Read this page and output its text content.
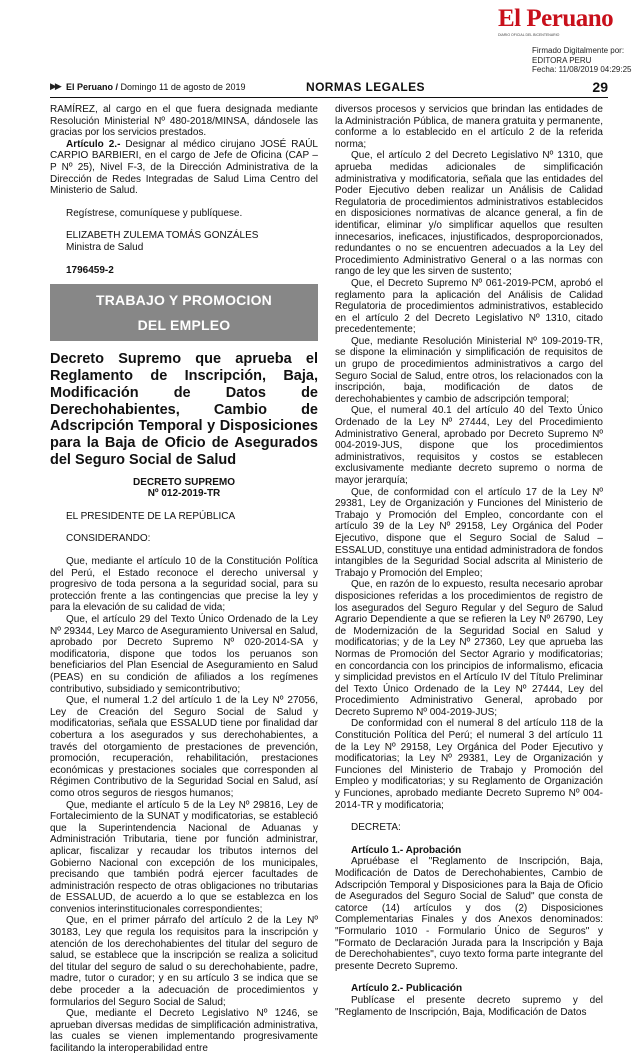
El Peruano
DIARIO OFICIAL DEL BICENTENARIO
Firmado Digitalmente por:
EDITORA PERU
Fecha: 11/08/2019 04:29:25
▶▶ El Peruano / Domingo 11 de agosto de 2019	NORMAS LEGALES	29
RAMÍREZ, al cargo en el que fuera designada mediante Resolución Ministerial Nº 480-2018/MINSA, dándosele las gracias por los servicios prestados.
Artículo 2.- Designar al médico cirujano JOSÉ RAÚL CARPIO BARBIERI, en el cargo de Jefe de Oficina (CAP – P Nº 25), Nivel F-3, de la Dirección Administrativa de la Dirección de Redes Integradas de Salud Lima Centro del Ministerio de Salud.
Regístrese, comuníquese y publíquese.
ELIZABETH ZULEMA TOMÁS GONZÁLES
Ministra de Salud
1796459-2
TRABAJO Y PROMOCION
DEL EMPLEO
Decreto Supremo que aprueba el Reglamento de Inscripción, Baja, Modificación de Datos de Derechohabientes, Cambio de Adscripción Temporal y Disposiciones para la Baja de Oficio de Asegurados del Seguro Social de Salud
DECRETO SUPREMO
Nº 012-2019-TR
EL PRESIDENTE DE LA REPÚBLICA
CONSIDERANDO:
Que, mediante el artículo 10 de la Constitución Política del Perú, el Estado reconoce el derecho universal y progresivo de toda persona a la seguridad social, para su protección frente a las contingencias que precise la ley y para la elevación de su calidad de vida;
Que, el artículo 29 del Texto Único Ordenado de la Ley Nº 29344, Ley Marco de Aseguramiento Universal en Salud, aprobado por Decreto Supremo Nº 020-2014-SA y modificatoria, dispone que todos los peruanos son beneficiarios del Plan Esencial de Aseguramiento en Salud (PEAS) en su condición de afiliados a los regímenes contributivo, subsidiado y semicontributivo;
Que, el numeral 1.2 del artículo 1 de la Ley Nº 27056, Ley de Creación del Seguro Social de Salud y modificatorias, señala que ESSALUD tiene por finalidad dar cobertura a los asegurados y sus derechohabientes, a través del otorgamiento de prestaciones de prevención, promoción, recuperación, rehabilitación, prestaciones económicas y prestaciones sociales que corresponden al Régimen Contributivo de la Seguridad Social en Salud, así como otros seguros de riesgos humanos;
Que, mediante el artículo 5 de la Ley Nº 29816, Ley de Fortalecimiento de la SUNAT y modificatorias, se estableció que la Superintendencia Nacional de Aduanas y Administración Tributaria, tiene por función administrar, aplicar, fiscalizar y recaudar los tributos internos del Gobierno Nacional con excepción de los municipales, precisando que también podrá ejercer facultades de administración respecto de otras obligaciones no tributarias de ESSALUD, de acuerdo a lo que se establezca en los convenios interinstitucionales correspondientes;
Que, en el primer párrafo del artículo 2 de la Ley Nº 30183, Ley que regula los requisitos para la inscripción y atención de los derechohabientes del titular del seguro de salud, se establece que la inscripción se realiza a solicitud del titular del seguro de salud o su derechohabiente, padre, madre, tutor o curador; y en su artículo 3 se indica que se debe proceder a la adecuación de procedimientos y formularios del Seguro Social de Salud;
Que, mediante el Decreto Legislativo Nº 1246, se aprueban diversas medidas de simplificación administrativa, las cuales se vienen implementando progresivamente facilitando la interoperabilidad entre
diversos procesos y servicios que brindan las entidades de la Administración Pública, de manera gratuita y permanente, conforme a lo establecido en el artículo 2 de la referida norma;
Que, el artículo 2 del Decreto Legislativo Nº 1310, que aprueba medidas adicionales de simplificación administrativa y modificatoria, señala que las entidades del Poder Ejecutivo deben realizar un Análisis de Calidad Regulatoria de procedimientos administrativos establecidos en disposiciones normativas de alcance general, a fin de identificar, eliminar y/o simplificar aquellos que resulten innecesarios, ineficaces, injustificados, desproporcionados, redundantes o no se encuentren adecuados a la Ley del Procedimiento Administrativo General o a las normas con rango de ley que les sirven de sustento;
Que, el Decreto Supremo Nº 061-2019-PCM, aprobó el reglamento para la aplicación del Análisis de Calidad Regulatoria de procedimientos administrativos, establecido en el artículo 2 del Decreto Legislativo Nº 1310, citado precedentemente;
Que, mediante Resolución Ministerial Nº 109-2019-TR, se dispone la eliminación y simplificación de requisitos de un grupo de procedimientos administrativos a cargo del Seguro Social de Salud, entre otros, los relacionados con la inscripción, baja, modificación de datos de derechohabientes y cambio de adscripción temporal;
Que, el numeral 40.1 del artículo 40 del Texto Único Ordenado de la Ley Nº 27444, Ley del Procedimiento Administrativo General, aprobado por Decreto Supremo Nº 004-2019-JUS, dispone que los procedimientos administrativos, requisitos y costos se establecen exclusivamente mediante decreto supremo o norma de mayor jerarquía;
Que, de conformidad con el artículo 17 de la Ley Nº 29381, Ley de Organización y Funciones del Ministerio de Trabajo y Promoción del Empleo, concordante con el artículo 39 de la Ley Nº 29158, Ley Orgánica del Poder Ejecutivo, dispone que el Seguro Social de Salud – ESSALUD, constituye una entidad administradora de fondos intangibles de la Seguridad Social adscrita al Ministerio de Trabajo y Promoción del Empleo;
Que, en razón de lo expuesto, resulta necesario aprobar disposiciones referidas a los procedimientos de registro de los asegurados del Seguro Regular y del Seguro de Salud Agrario Dependiente a que se refieren la Ley Nº 26790, Ley de Modernización de la Seguridad Social en Salud y modificatorias; y de la Ley Nº 27360, Ley que aprueba las Normas de Promoción del Sector Agrario y modificatorias; en concordancia con los principios de informalismo, eficacia y simplicidad previstos en el Artículo IV del Título Preliminar del Texto Único Ordenado de la Ley Nº 27444, Ley del Procedimiento Administrativo General, aprobado por Decreto Supremo Nº 004-2019-JUS;
De conformidad con el numeral 8 del artículo 118 de la Constitución Política del Perú; el numeral 3 del artículo 11 de la Ley Nº 29158, Ley Orgánica del Poder Ejecutivo y modificatorias; la Ley Nº 29381, Ley de Organización y Funciones del Ministerio de Trabajo y Promoción del Empleo y modificatorias; y su Reglamento de Organización y Funciones, aprobado mediante Decreto Supremo Nº 004-2014-TR y modificatoria;
DECRETA:
Artículo 1.- Aprobación
Apruébase el "Reglamento de Inscripción, Baja, Modificación de Datos de Derechohabientes, Cambio de Adscripción Temporal y Disposiciones para la Baja de Oficio de Asegurados del Seguro Social de Salud" que consta de catorce (14) artículos y dos (2) Disposiciones Complementarias Finales y dos Anexos denominados: "Formulario 1010 - Formulario Único de Seguros" y "Formato de Declaración Jurada para la Inscripción y Baja de Derechohabientes", cuyo texto forma parte integrante del presente Decreto Supremo.
Artículo 2.- Publicación
Publícase el presente decreto supremo y del "Reglamento de Inscripción, Baja, Modificación de Datos
